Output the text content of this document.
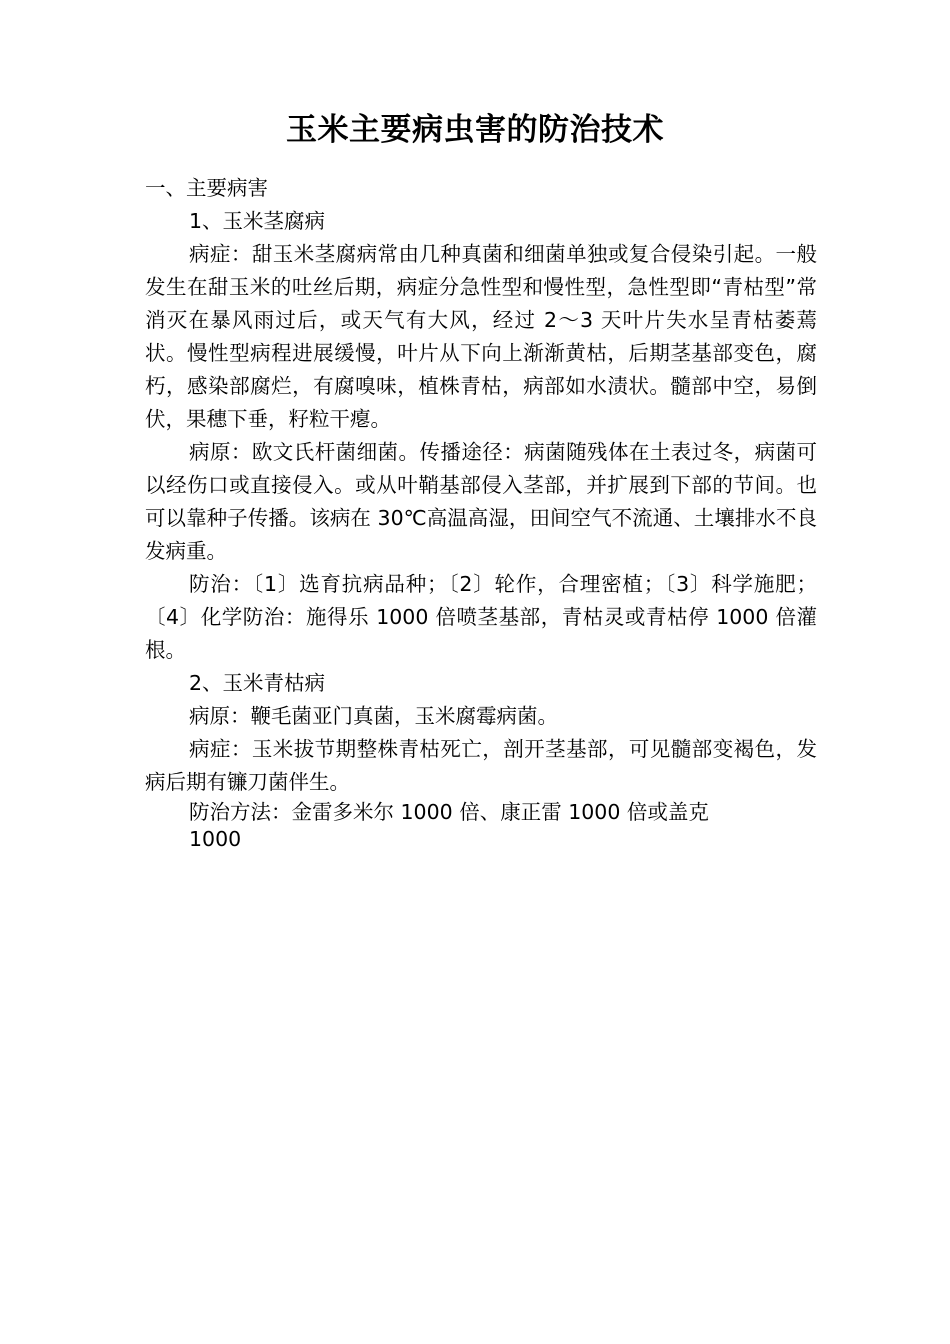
玉米主要病虫害的防治技术

一、主要病害

1、玉米茎腐病

病症：甜玉米茎腐病常由几种真菌和细菌单独或复合侵染引起。一般发生在甜玉米的吐丝后期，病症分急性型和慢性型，急性型即“青枯型”常消灭在暴风雨过后，或天气有大风，经过 2～3 天叶片失水呈青枯萎蔫状。慢性型病程进展缓慢，叶片从下向上渐渐黄枯，后期茎基部变色，腐朽，感染部腐烂，有腐嗅味，植株青枯，病部如水渍状。髓部中空，易倒伏，果穗下垂，籽粒干瘪。

病原：欧文氏杆菌细菌。传播途径：病菌随残体在土表过冬，病菌可以经伤口或直接侵入。或从叶鞘基部侵入茎部，并扩展到下部的节间。也可以靠种子传播。该病在 30℃高温高湿，田间空气不流通、土壤排水不良发病重。

防治：〔1〕选育抗病品种；〔2〕轮作，合理密植；〔3〕科学施肥；〔4〕化学防治：施得乐 1000 倍喷茎基部，青枯灵或青枯停 1000 倍灌根。

2、玉米青枯病

病原：鞭毛菌亚门真菌，玉米腐霉病菌。

病症：玉米拔节期整株青枯死亡，剖开茎基部，可见髓部变褐色，发病后期有镰刀菌伴生。

防治方法：金雷多米尔 1000 倍、康正雷 1000 倍或盖克

1000
